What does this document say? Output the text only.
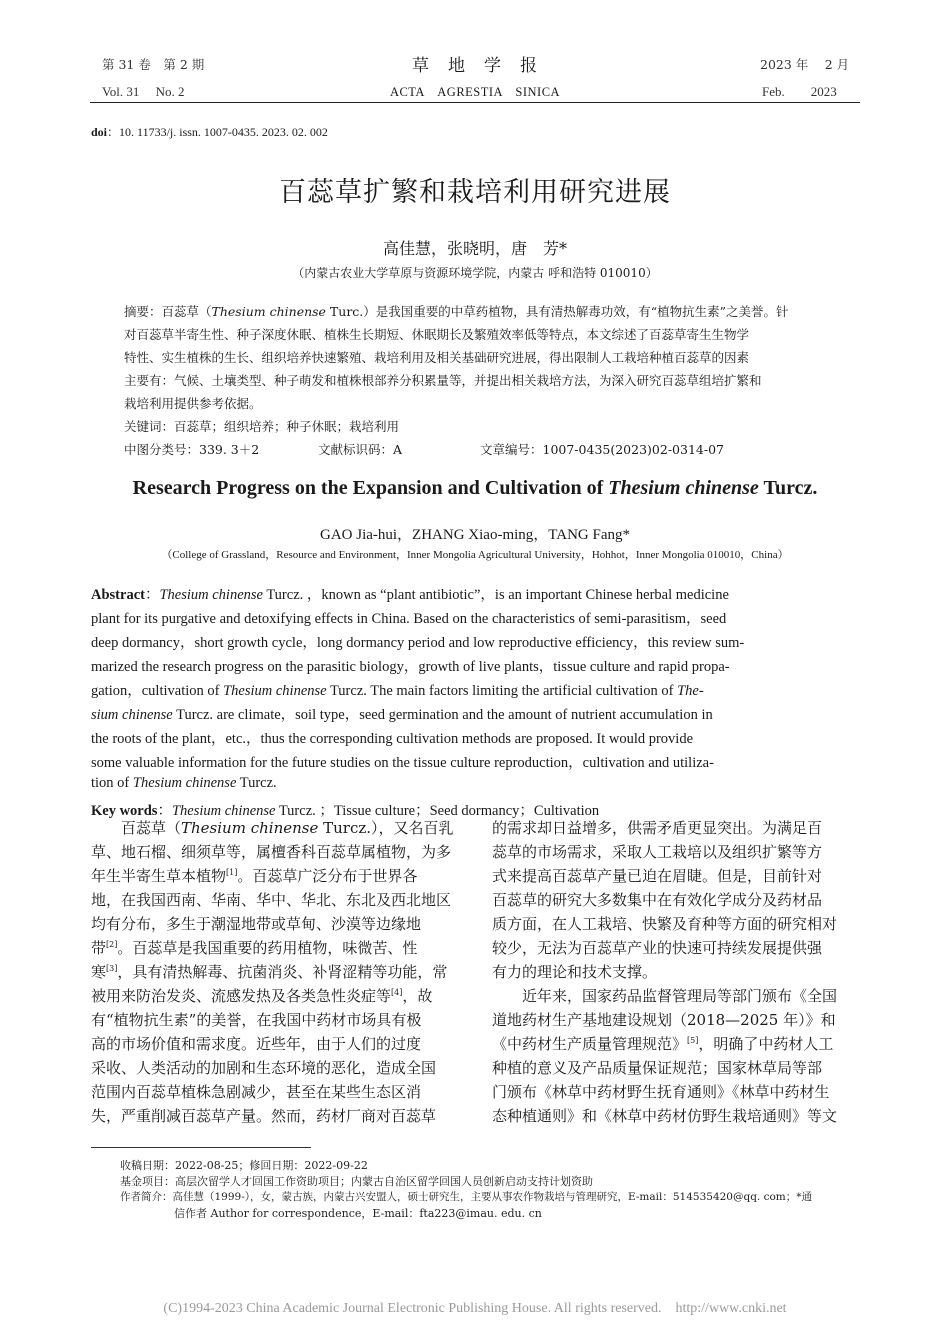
第 31 卷　第 2 期
Vol. 31　 No. 2
草　地　学　报
ACTA　AGRESTIA　SINICA
2023 年　 2 月
Feb.　　2023
doi：10. 11733/j. issn. 1007-0435. 2023. 02. 002
百蕊草扩繁和栽培利用研究进展
高佳慧，张晓明，唐　芳*
（内蒙古农业大学草原与资源环境学院，内蒙古 呼和浩特 010010）
摘要：百蕊草（Thesium chinense Turc.）是我国重要的中草药植物，具有清热解毒功效，有“植物抗生素”之美誉。针
对百蕊草半寄生性、种子深度休眠、植株生长期短、休眠期长及繁殖效率低等特点，本文综述了百蕊草寄生生物学
特性、实生植株的生长、组织培养快速繁殖、栽培利用及相关基础研究进展，得出限制人工栽培种植百蕊草的因素
主要有：气候、土壤类型、种子萌发和植株根部养分积累量等，并提出相关栽培方法，为深入研究百蕊草组培扩繁和
栽培利用提供参考依据。
关键词：百蕊草；组织培养；种子休眠；栽培利用
中图分类号：339. 3＋2	文献标识码：A	文章编号：1007-0435(2023)02-0314-07
Research Progress on the Expansion and Cultivation of Thesium chinense Turcz.
GAO Jia-hui，ZHANG Xiao-ming，TANG Fang*
（College of Grassland，Resource and Environment，Inner Mongolia Agricultural University，Hohhot，Inner Mongolia 010010，China）
Abstract：Thesium chinense Turcz. ，known as “plant antibiotic”，is an important Chinese herbal medicine
plant for its purgative and detoxifying effects in China. Based on the characteristics of semi-parasitism，seed
deep dormancy，short growth cycle，long dormancy period and low reproductive efficiency，this review sum-
marized the research progress on the parasitic biology，growth of live plants，tissue culture and rapid propa-
gation，cultivation of Thesium chinense Turcz. The main factors limiting the artificial cultivation of The-
sium chinense Turcz. are climate，soil type，seed germination and the amount of nutrient accumulation in
the roots of the plant，etc.，thus the corresponding cultivation methods are proposed. It would provide
some valuable information for the future studies on the tissue culture reproduction，cultivation and utiliza-
tion of Thesium chinense Turcz.
Key words：Thesium chinense Turcz. ；Tissue culture；Seed dormancy；Cultivation
百蕊草（Thesium chinense Turcz.），又名百乳
草、地石榴、细须草等，属檀香科百蕊草属植物，为多
年生半寄生草本植物[1]。百蕊草广泛分布于世界各
地，在我国西南、华南、华中、华北、东北及西北地区
均有分布，多生于潮湿地带或草甸、沙漠等边缘地
带[2]。百蕊草是我国重要的药用植物，味微苦、性
寒[3]，具有清热解毒、抗菌消炎、补肾涩精等功能，常
被用来防治发炎、流感发热及各类急性炎症等[4]，故
有“植物抗生素”的美誉，在我国中药材市场具有极
高的市场价值和需求度。近些年，由于人们的过度
采收、人类活动的加剧和生态环境的恶化，造成全国
范围内百蕊草植株急剧减少，甚至在某些生态区消
失，严重削减百蕊草产量。然而，药材厂商对百蕊草
的需求却日益增多，供需矛盾更显突出。为满足百
蕊草的市场需求，采取人工栽培以及组织扩繁等方
式来提高百蕊草产量已迫在眉睫。但是，目前针对
百蕊草的研究大多数集中在有效化学成分及药材品
质方面，在人工栽培、快繁及育种等方面的研究相对
较少，无法为百蕊草产业的快速可持续发展提供强
有力的理论和技术支撑。
近年来，国家药品监督管理局等部门颁布《全国
道地药材生产基地建设规划（2018—2025 年）》和
《中药材生产质量管理规范》[5]，明确了中药材人工
种植的意义及产品质量保证规范；国家林草局等部
门颁布《林草中药材野生抚育通则》《林草中药材生
态种植通则》和《林草中药材仿野生栽培通则》等文
收稿日期：2022-08-25；修回日期：2022-09-22
基金项目：高层次留学人才回国工作资助项目；内蒙古自治区留学回国人员创新启动支持计划资助
作者简介：高佳慧（1999-），女，蒙古族，内蒙古兴安盟人，硕士研究生，主要从事农作物栽培与管理研究，E-mail：514535420@qq. com；*通
信作者 Author for correspondence，E-mail：fta223@imau. edu. cn
(C)1994-2023 China Academic Journal Electronic Publishing House. All rights reserved.　http://www.cnki.net
